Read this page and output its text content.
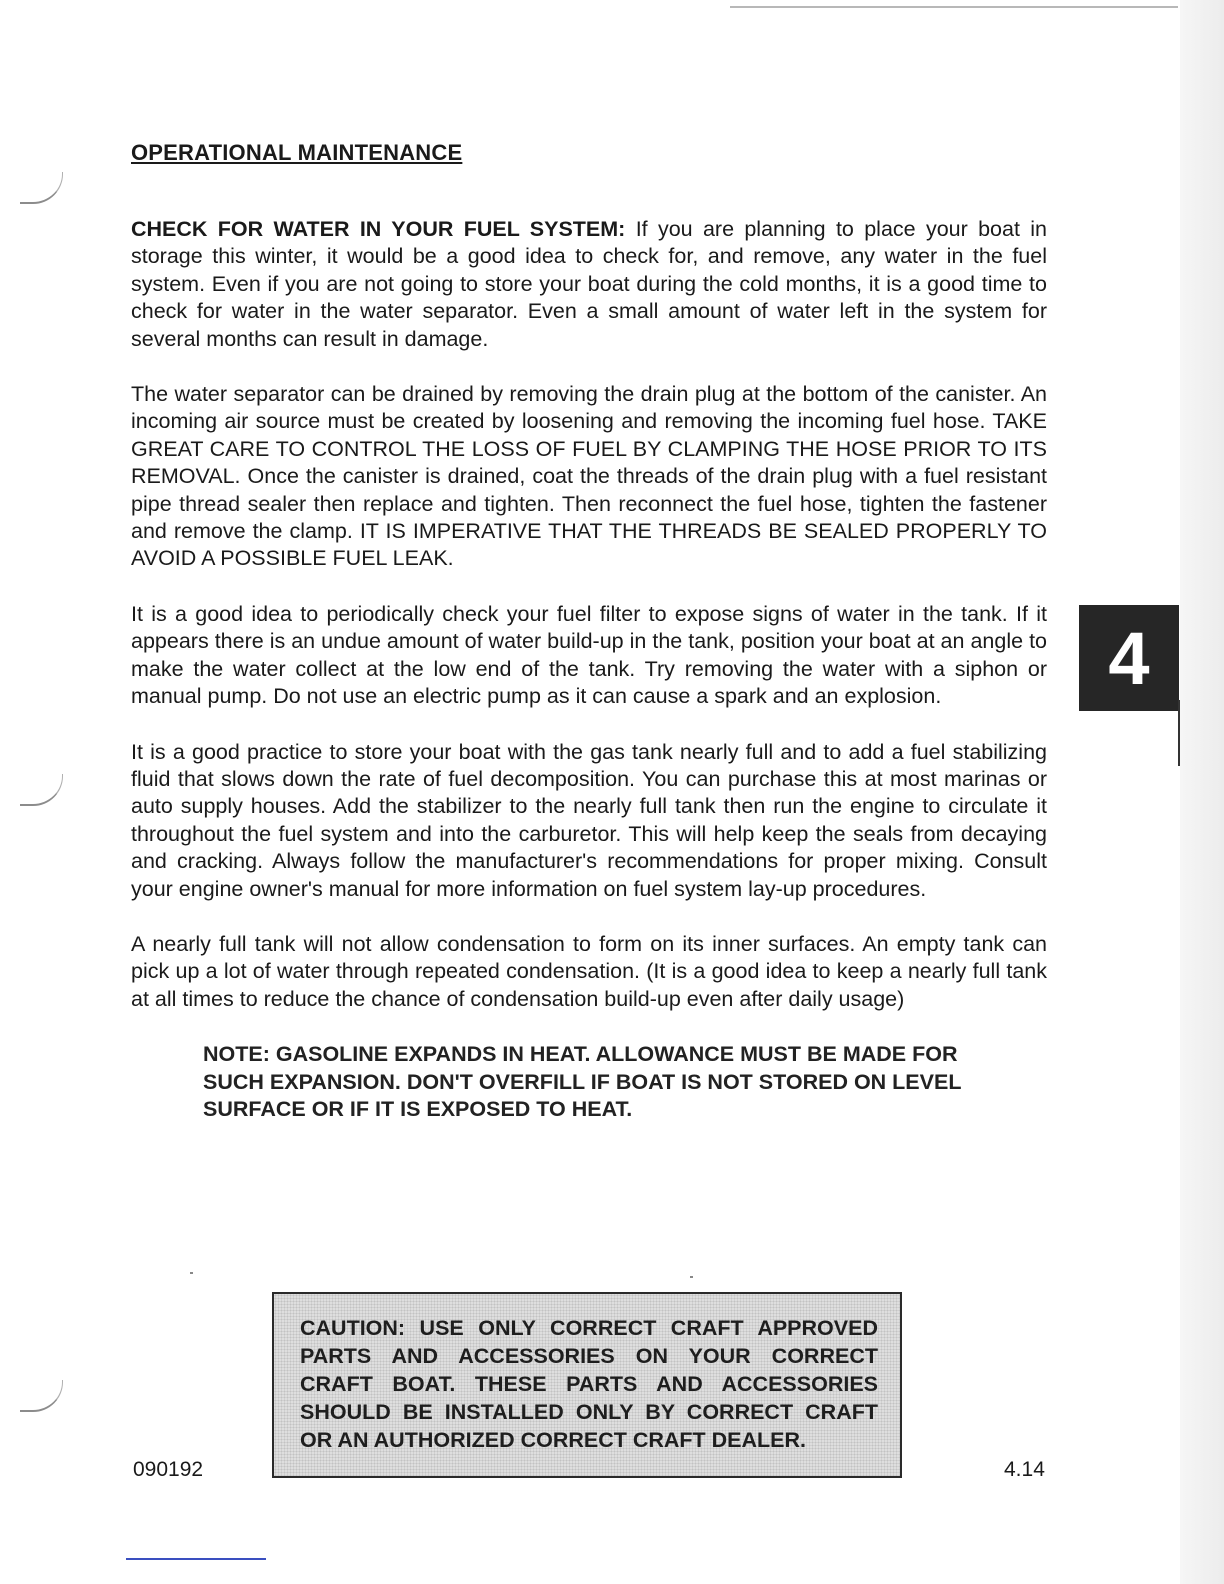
OPERATIONAL MAINTENANCE

CHECK FOR WATER IN YOUR FUEL SYSTEM: If you are planning to place your boat in storage this winter, it would be a good idea to check for, and remove, any water in the fuel system. Even if you are not going to store your boat during the cold months, it is a good time to check for water in the water separator. Even a small amount of water left in the system for several months can result in damage.

The water separator can be drained by removing the drain plug at the bottom of the canister. An incoming air source must be created by loosening and removing the incoming fuel hose. TAKE GREAT CARE TO CONTROL THE LOSS OF FUEL BY CLAMPING THE HOSE PRIOR TO ITS REMOVAL. Once the canister is drained, coat the threads of the drain plug with a fuel resistant pipe thread sealer then replace and tighten. Then reconnect the fuel hose, tighten the fastener and remove the clamp. IT IS IMPERATIVE THAT THE THREADS BE SEALED PROPERLY TO AVOID A POSSIBLE FUEL LEAK.

It is a good idea to periodically check your fuel filter to expose signs of water in the tank. If it appears there is an undue amount of water build-up in the tank, position your boat at an angle to make the water collect at the low end of the tank. Try removing the water with a siphon or manual pump. Do not use an electric pump as it can cause a spark and an explosion.

It is a good practice to store your boat with the gas tank nearly full and to add a fuel stabilizing fluid that slows down the rate of fuel decomposition. You can purchase this at most marinas or auto supply houses. Add the stabilizer to the nearly full tank then run the engine to circulate it throughout the fuel system and into the carburetor. This will help keep the seals from decaying and cracking. Always follow the manufacturer's recommendations for proper mixing. Consult your engine owner's manual for more information on fuel system lay-up procedures.

A nearly full tank will not allow condensation to form on its inner surfaces. An empty tank can pick up a lot of water through repeated condensation. (It is a good idea to keep a nearly full tank at all times to reduce the chance of condensation build-up even after daily usage)

NOTE: GASOLINE EXPANDS IN HEAT. ALLOWANCE MUST BE MADE FOR SUCH EXPANSION. DON'T OVERFILL IF BOAT IS NOT STORED ON LEVEL SURFACE OR IF IT IS EXPOSED TO HEAT.

4

CAUTION: USE ONLY CORRECT CRAFT APPROVED PARTS AND ACCESSORIES ON YOUR CORRECT CRAFT BOAT. THESE PARTS AND ACCESSORIES SHOULD BE INSTALLED ONLY BY CORRECT CRAFT OR AN AUTHORIZED CORRECT CRAFT DEALER.

090192	4.14
